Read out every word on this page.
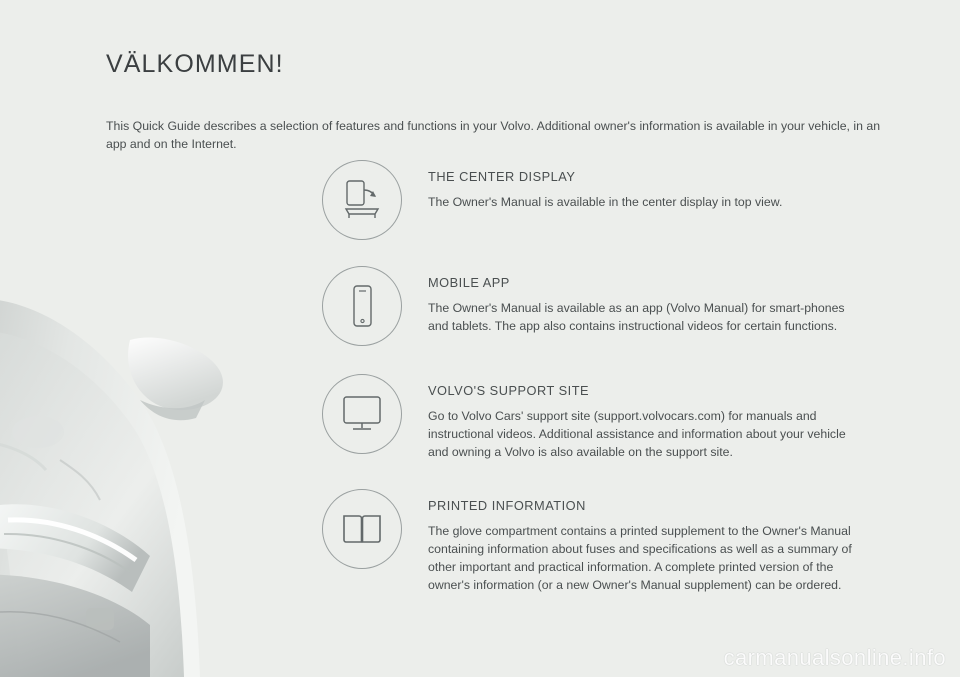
VÄLKOMMEN!

This Quick Guide describes a selection of features and functions in your Volvo. Additional owner's information is available in your vehicle, in an app and on the Internet.

THE CENTER DISPLAY

The Owner's Manual is available in the center display in top view.

MOBILE APP

The Owner's Manual is available as an app (Volvo Manual) for smart-phones and tablets. The app also contains instructional videos for certain functions.

VOLVO'S SUPPORT SITE

Go to Volvo Cars' support site (support.volvocars.com) for manuals and instructional videos. Additional assistance and information about your vehicle and owning a Volvo is also available on the support site.

PRINTED INFORMATION

The glove compartment contains a printed supplement to the Owner's Manual containing information about fuses and specifications as well as a summary of other important and practical information. A complete printed version of the owner's information (or a new Owner's Manual supplement) can be ordered.

carmanualsonline.info
